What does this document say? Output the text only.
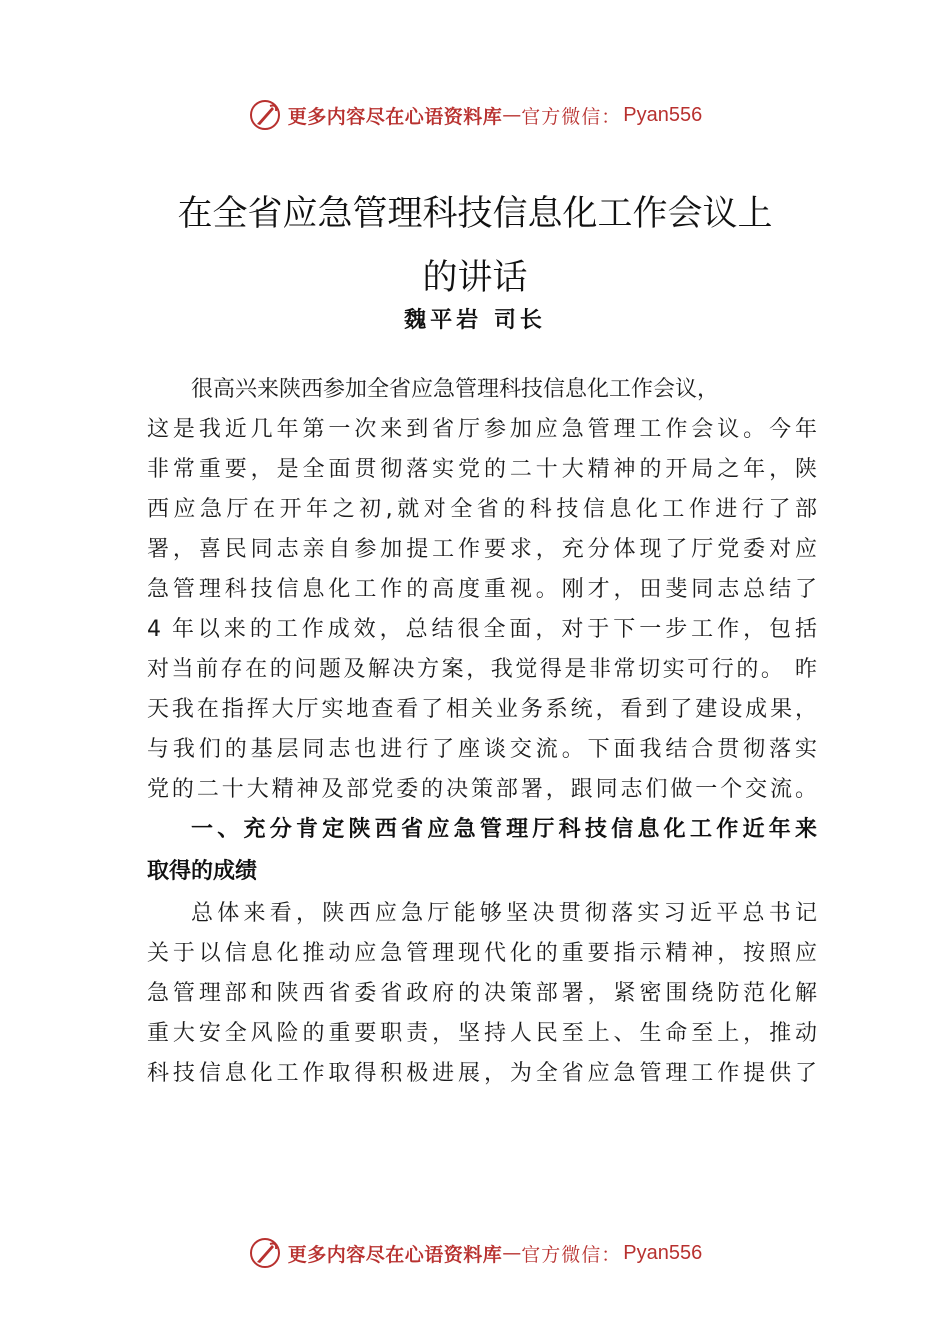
更多内容尽在心语资料库 — 官方微信： Pyan556
在全省应急管理科技信息化工作会议上
的讲话
魏平岩 司长
很高兴来陕西参加全省应急管理科技信息化工作会议，
这是我近几年第一次来到省厅参加应急管理工作会议。今年
非常重要，是全面贯彻落实党的二十大精神的开局之年，陕
西应急厅在开年之初,就对全省的科技信息化工作进行了部
署，喜民同志亲自参加提工作要求，充分体现了厅党委对应
急管理科技信息化工作的高度重视。刚才，田斐同志总结了
4 年以来的工作成效，总结很全面，对于下一步工作，包括
对当前存在的问题及解决方案，我觉得是非常切实可行的。 昨
天我在指挥大厅实地查看了相关业务系统，看到了建设成果，
与我们的基层同志也进行了座谈交流。下面我结合贯彻落实
党的二十大精神及部党委的决策部署，跟同志们做一个交流。
一、充分肯定陕西省应急管理厅科技信息化工作近年来
取得的成绩
总体来看，陕西应急厅能够坚决贯彻落实习近平总书记
关于以信息化推动应急管理现代化的重要指示精神，按照应
急管理部和陕西省委省政府的决策部署，紧密围绕防范化解
重大安全风险的重要职责，坚持人民至上、生命至上，推动
科技信息化工作取得积极进展，为全省应急管理工作提供了
更多内容尽在心语资料库 — 官方微信： Pyan556
